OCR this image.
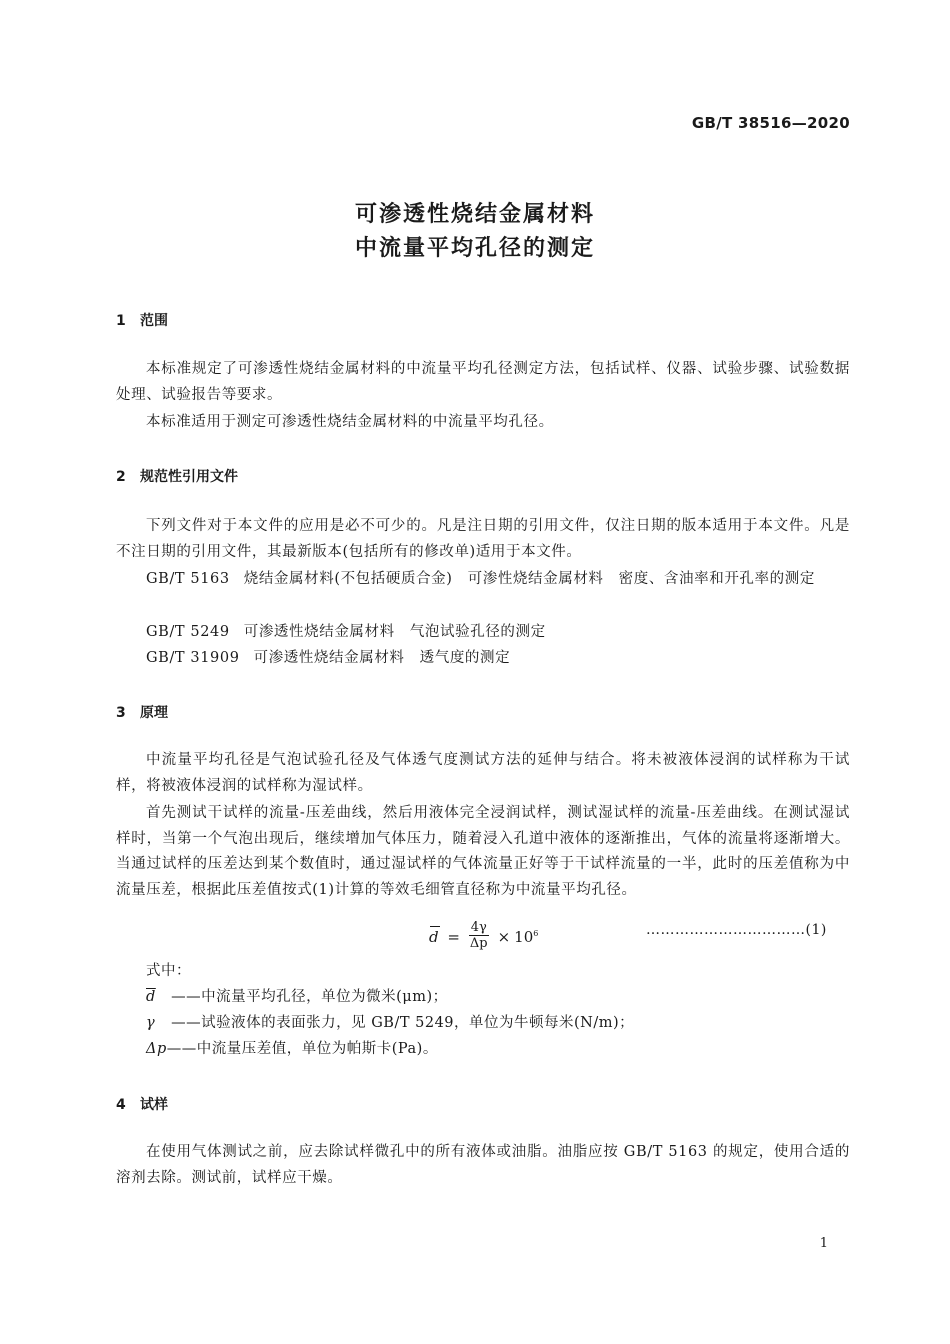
GB/T 38516—2020
可渗透性烧结金属材料
中流量平均孔径的测定
1 范围
本标准规定了可渗透性烧结金属材料的中流量平均孔径测定方法，包括试样、仪器、试验步骤、试验数据处理、试验报告等要求。
本标准适用于测定可渗透性烧结金属材料的中流量平均孔径。
2 规范性引用文件
下列文件对于本文件的应用是必不可少的。凡是注日期的引用文件，仅注日期的版本适用于本文件。凡是不注日期的引用文件，其最新版本(包括所有的修改单)适用于本文件。
GB/T 5163 烧结金属材料(不包括硬质合金)　可渗性烧结金属材料　密度、含油率和开孔率的测定
GB/T 5249 可渗透性烧结金属材料　气泡试验孔径的测定
GB/T 31909 可渗透性烧结金属材料　透气度的测定
3 原理
中流量平均孔径是气泡试验孔径及气体透气度测试方法的延伸与结合。将未被液体浸润的试样称为干试样，将被液体浸润的试样称为湿试样。
首先测试干试样的流量-压差曲线，然后用液体完全浸润试样，测试湿试样的流量-压差曲线。在测试湿试样时，当第一个气泡出现后，继续增加气体压力，随着浸入孔道中液体的逐渐推出，气体的流量将逐渐增大。当通过试样的压差达到某个数值时，通过湿试样的气体流量正好等于干试样流量的一半，此时的压差值称为中流量压差，根据此压差值按式(1)计算的等效毛细管直径称为中流量平均孔径。
$d = \frac{4\gamma}{\Delta p} \times 10^6$	……………………………(1)
式中：
$\overline{d}$ ——中流量平均孔径，单位为微米(μm)；
γ ——试验液体的表面张力，见 GB/T 5249，单位为牛顿每米(N/m)；
Δp——中流量压差值，单位为帕斯卡(Pa)。
4 试样
在使用气体测试之前，应去除试样微孔中的所有液体或油脂。油脂应按 GB/T 5163 的规定，使用合适的溶剂去除。测试前，试样应干燥。
1
